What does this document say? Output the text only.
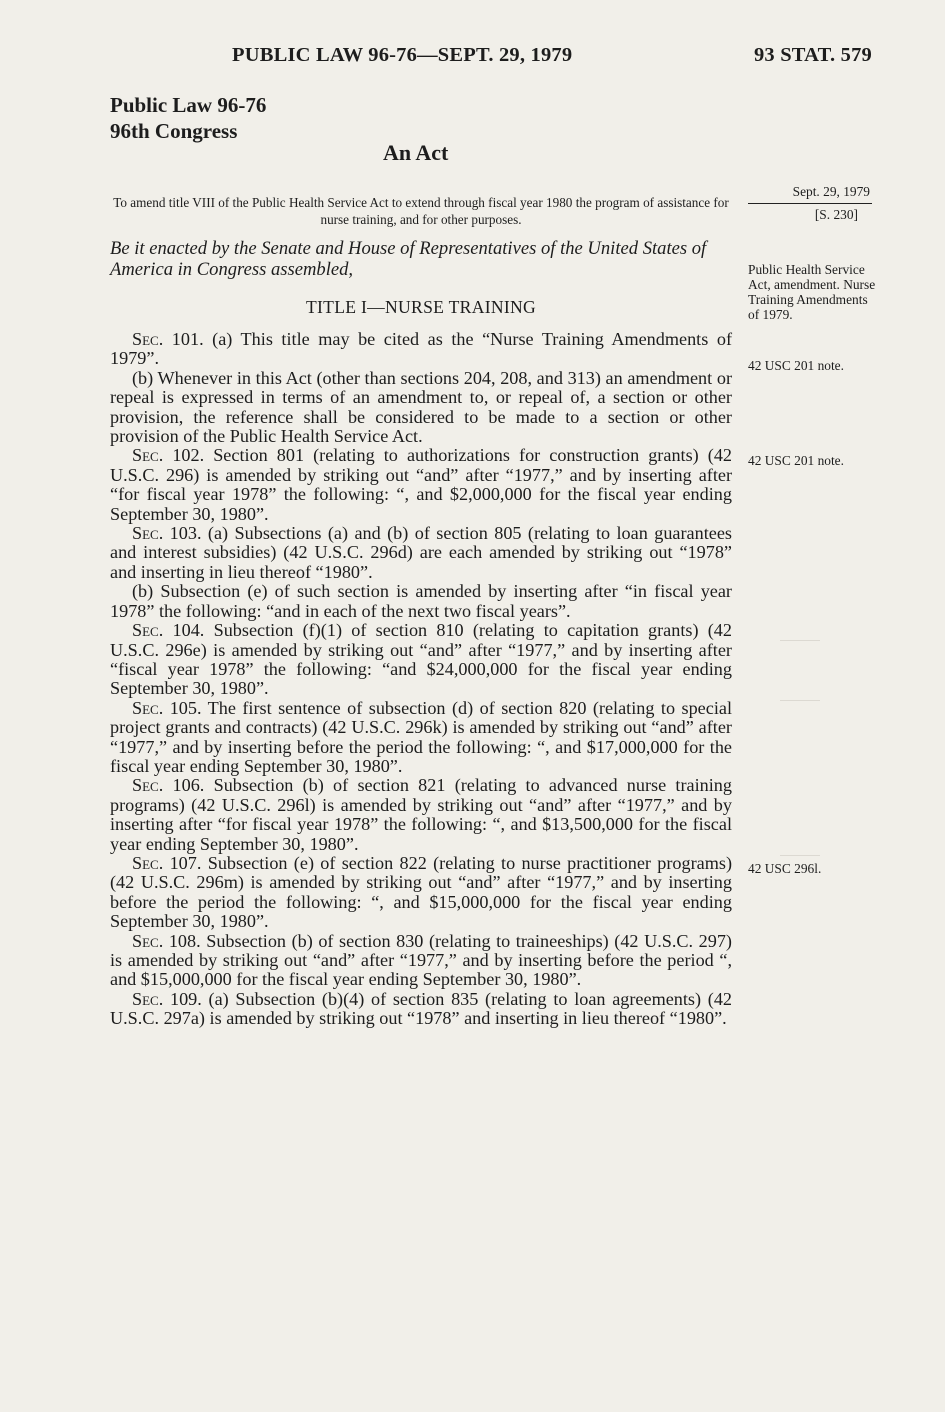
PUBLIC LAW 96-76—SEPT. 29, 1979	93 STAT. 579
Public Law 96-76
96th Congress
An Act
To amend title VIII of the Public Health Service Act to extend through fiscal year 1980 the program of assistance for nurse training, and for other purposes.
Be it enacted by the Senate and House of Representatives of the United States of America in Congress assembled,
TITLE I—NURSE TRAINING

Sec. 101. (a) This title may be cited as the “Nurse Training Amendments of 1979”.

(b) Whenever in this Act (other than sections 204, 208, and 313) an amendment or repeal is expressed in terms of an amendment to, or repeal of, a section or other provision, the reference shall be considered to be made to a section or other provision of the Public Health Service Act.

Sec. 102. Section 801 (relating to authorizations for construction grants) (42 U.S.C. 296) is amended by striking out “and” after “1977,” and by inserting after “for fiscal year 1978” the following: “, and $2,000,000 for the fiscal year ending September 30, 1980”.

Sec. 103. (a) Subsections (a) and (b) of section 805 (relating to loan guarantees and interest subsidies) (42 U.S.C. 296d) are each amended by striking out “1978” and inserting in lieu thereof “1980”.

(b) Subsection (e) of such section is amended by inserting after “in fiscal year 1978” the following: “and in each of the next two fiscal years”.

Sec. 104. Subsection (f)(1) of section 810 (relating to capitation grants) (42 U.S.C. 296e) is amended by striking out “and” after “1977,” and by inserting after “fiscal year 1978” the following: “and $24,000,000 for the fiscal year ending September 30, 1980”.

Sec. 105. The first sentence of subsection (d) of section 820 (relating to special project grants and contracts) (42 U.S.C. 296k) is amended by striking out “and” after “1977,” and by inserting before the period the following: “, and $17,000,000 for the fiscal year ending September 30, 1980”.

Sec. 106. Subsection (b) of section 821 (relating to advanced nurse training programs) (42 U.S.C. 296l) is amended by striking out “and” after “1977,” and by inserting after “for fiscal year 1978” the following: “, and $13,500,000 for the fiscal year ending September 30, 1980”.

Sec. 107. Subsection (e) of section 822 (relating to nurse practitioner programs) (42 U.S.C. 296m) is amended by striking out “and” after “1977,” and by inserting before the period the following: “, and $15,000,000 for the fiscal year ending September 30, 1980”.

Sec. 108. Subsection (b) of section 830 (relating to traineeships) (42 U.S.C. 297) is amended by striking out “and” after “1977,” and by inserting before the period “, and $15,000,000 for the fiscal year ending September 30, 1980”.

Sec. 109. (a) Subsection (b)(4) of section 835 (relating to loan agreements) (42 U.S.C. 297a) is amended by striking out “1978” and inserting in lieu thereof “1980”.

Sept. 29, 1979
[S. 230]
Public Health Service Act, amendment. Nurse Training Amendments of 1979.
42 USC 201 note.
42 USC 201 note.
42 USC 296l.
